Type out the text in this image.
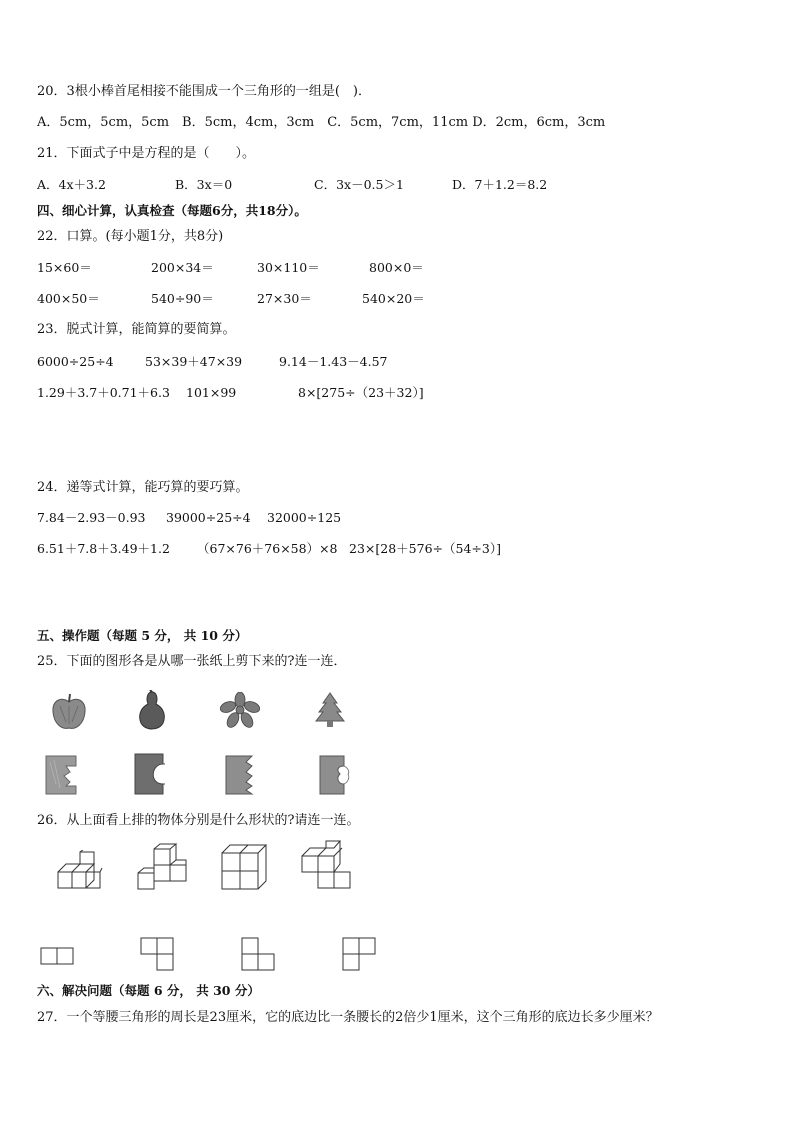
20．3根小棒首尾相接不能围成一个三角形的一组是(　)．
A．5cm，5cm，5cm　B．5cm，4cm，3cm　C．5cm，7cm，11cm D．2cm，6cm，3cm
21．下面式子中是方程的是（　　）。
A．4x＋3.2	B．3x＝0	C．3x－0.5＞1	D．7＋1.2＝8.2
四、细心计算，认真检查（每题6分，共18分）。
22．口算。(每小题1分，共8分)
15×60＝	200×34＝	30×110＝	800×0＝
400×50＝	540÷90＝	27×30＝	540×20＝
23．脱式计算，能简算的要简算。
6000÷25÷4	53×39＋47×39	9.14－1.43－4.57
1.29＋3.7＋0.71＋6.3 101×99	8×[275÷（23＋32）]
24．递等式计算，能巧算的要巧算。
7.84－2.93－0.93 39000÷25÷4 32000÷125
6.51＋7.8＋3.49＋1.2 （67×76＋76×58）×8 23×[28＋576÷（54÷3）]
五、操作题（每题 5 分， 共 10 分）
25．下面的图形各是从哪一张纸上剪下来的?连一连．
26．从上面看上排的物体分别是什么形状的?请连一连。
六、解决问题（每题 6 分， 共 30 分）
27．一个等腰三角形的周长是23厘米，它的底边比一条腰长的2倍少1厘米，这个三角形的底边长多少厘米？
